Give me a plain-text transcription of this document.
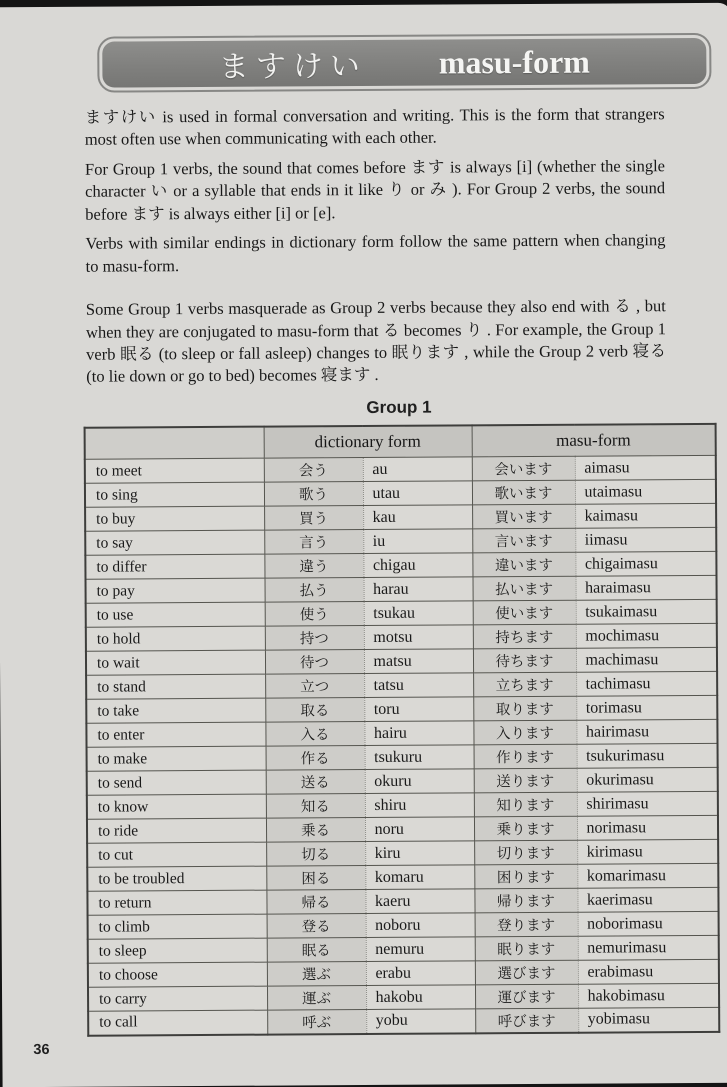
ますけい masu-form

ますけい is used in formal conversation and writing. This is the form that strangers most often use when communicating with each other.

For Group 1 verbs, the sound that comes before ます is always [i] (whether the single character い or a syllable that ends in it like り or み ). For Group 2 verbs, the sound before ます is always either [i] or [e].

Verbs with similar endings in dictionary form follow the same pattern when changing to masu-form.

Some Group 1 verbs masquerade as Group 2 verbs because they also end with る , but when they are conjugated to masu-form that る becomes り . For example, the Group 1 verb 眠る (to sleep or fall asleep) changes to 眠ります , while the Group 2 verb 寝る (to lie down or go to bed) becomes 寝ます .

Group 1
	dictionary form		masu-form	
to meet	会う	au	会います	aimasu
to sing	歌う	utau	歌います	utaimasu
to buy	買う	kau	買います	kaimasu
to say	言う	iu	言います	iimasu
to differ	違う	chigau	違います	chigaimasu
to pay	払う	harau	払います	haraimasu
to use	使う	tsukau	使います	tsukaimasu
to hold	持つ	motsu	持ちます	mochimasu
to wait	待つ	matsu	待ちます	machimasu
to stand	立つ	tatsu	立ちます	tachimasu
to take	取る	toru	取ります	torimasu
to enter	入る	hairu	入ります	hairimasu
to make	作る	tsukuru	作ります	tsukurimasu
to send	送る	okuru	送ります	okurimasu
to know	知る	shiru	知ります	shirimasu
to ride	乗る	noru	乗ります	norimasu
to cut	切る	kiru	切ります	kirimasu
to be troubled	困る	komaru	困ります	komarimasu
to return	帰る	kaeru	帰ります	kaerimasu
to climb	登る	noboru	登ります	noborimasu
to sleep	眠る	nemuru	眠ります	nemurimasu
to choose	選ぶ	erabu	選びます	erabimasu
to carry	運ぶ	hakobu	運びます	hakobimasu
to call	呼ぶ	yobu	呼びます	yobimasu
36
